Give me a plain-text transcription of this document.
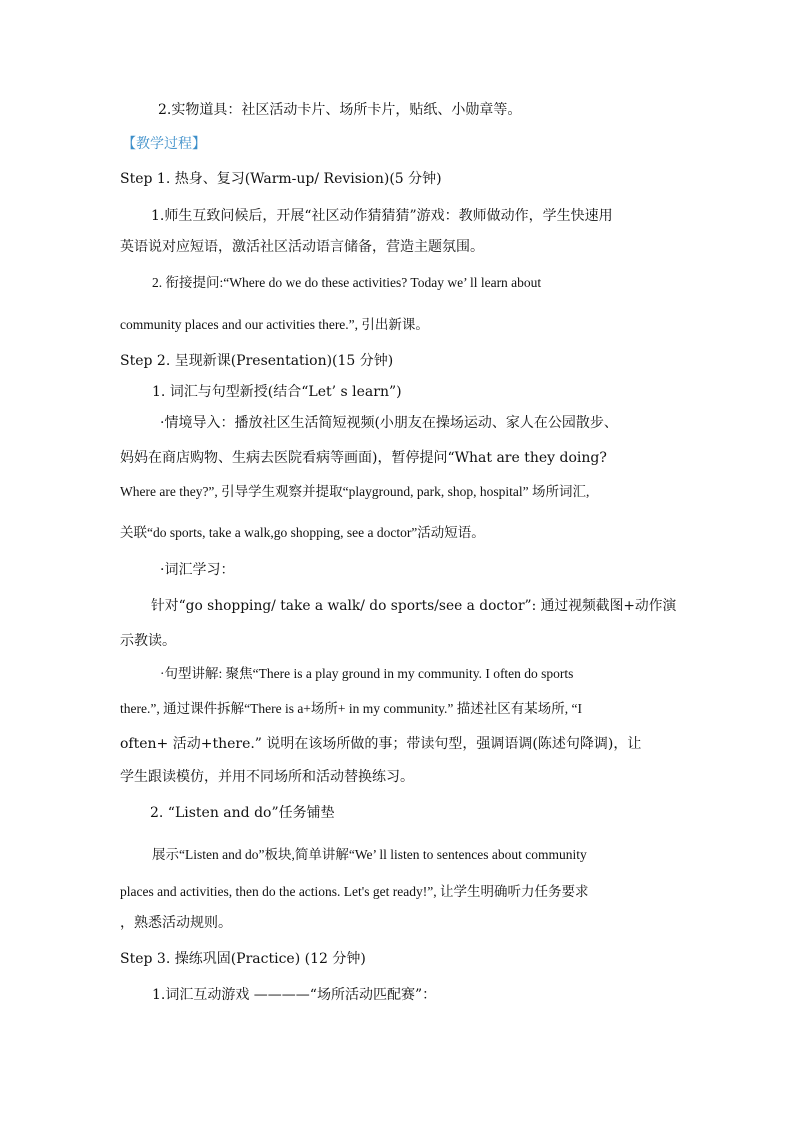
2.实物道具：社区活动卡片、场所卡片，贴纸、小勋章等。
【教学过程】
Step 1. 热身、复习(Warm-up/ Revision)(5 分钟)
1.师生互致问候后，开展“社区动作猜猜猜”游戏：教师做动作，学生快速用
英语说对应短语，激活社区活动语言储备，营造主题氛围。
2. 衔接提问:“Where do we do these activities? Today we’ ll learn about
community places and our activities there.”, 引出新课。
Step 2. 呈现新课(Presentation)(15 分钟)
1. 词汇与句型新授(结合“Let’ s learn”)
·情境导入：播放社区生活简短视频(小朋友在操场运动、家人在公园散步、
妈妈在商店购物、生病去医院看病等画面)，暂停提问“What are they doing?
Where are they?”, 引导学生观察并提取“playground, park, shop, hospital” 场所词汇,
关联“do sports, take a walk,go shopping, see a doctor”活动短语。
·词汇学习：
针对“go shopping/ take a walk/ do sports/see a doctor”: 通过视频截图+动作演
示教读。
·句型讲解: 聚焦“There is a play ground in my community. I often do sports
there.”, 通过课件拆解“There is a+场所+ in my community.” 描述社区有某场所, “I
often+ 活动+there.” 说明在该场所做的事；带读句型，强调语调(陈述句降调)，让
学生跟读模仿，并用不同场所和活动替换练习。
2. “Listen and do”任务铺垫
展示“Listen and do”板块,简单讲解“We’ ll listen to sentences about community
places and activities, then do the actions. Let's get ready!”, 让学生明确听力任务要求
，熟悉活动规则。
Step 3. 操练巩固(Practice) (12 分钟)
1.词汇互动游戏 ————“场所活动匹配赛”：
